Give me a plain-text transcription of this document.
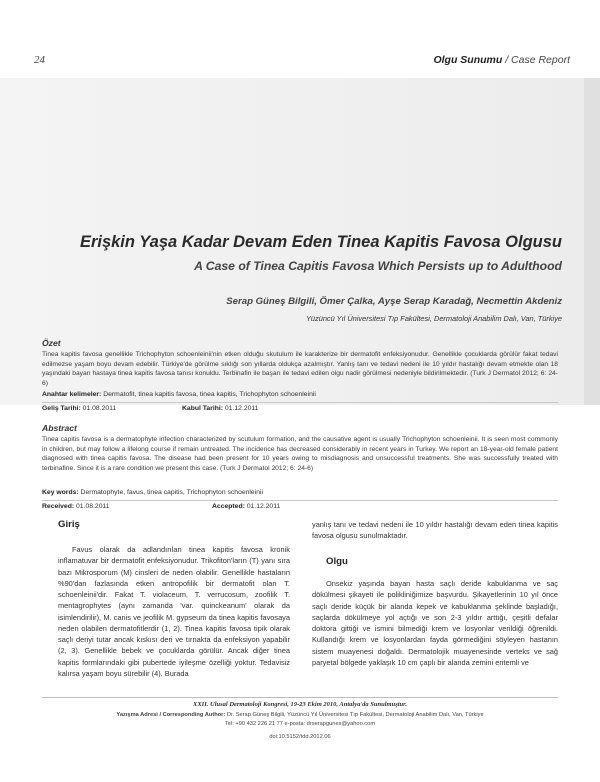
24	Olgu Sunumu / Case Report
Erişkin Yaşa Kadar Devam Eden Tinea Kapitis Favosa Olgusu
A Case of Tinea Capitis Favosa Which Persists up to Adulthood
Serap Güneş Bilgili, Ömer Çalka, Ayşe Serap Karadağ, Necmettin Akdeniz
Yüzüncü Yıl Üniversitesi Tıp Fakültesi, Dermatoloji Anabilim Dalı, Van, Türkiye
Özet
Tinea kapitis favosa genellikle Trichophyton schoenleinii'nin etken olduğu skutulum ile karakterize bir dermatofit enfeksiyonudur. Genellikle çocuklarda görülür fakat tedavi edilmezse yaşam boyu devam edebilir. Türkiye'de görülme sıklığı son yıllarda oldukça azalmıştır. Yanlış tanı ve tedavi nedeni ile 10 yıldır hastalığı devam etmekte olan 18 yaşındaki bayan hastaya tinea kapitis favosa tanısı konuldu. Terbinafin ile başarı ile tedavi edilen olgu nadir görülmesi nedeniyle bildirilmektedir. (Turk J Dermatol 2012; 6: 24-6)
Anahtar kelimeler: Dermatofit, tinea kapitis favosa, tinea kapitis, Trichophyton schoenleinii
Geliş Tarihi: 01.08.2011	Kabul Tarihi: 01.12.2011
Abstract
Tinea capitis favosa is a dermatophyte infection characterized by scutulum formation, and the causative agent is usually Trichophyton schoenleinii. It is seen most commonly in children, but may follow a lifelong course if remain untreated. The incidence has decreased considerably in recent years in Turkey. We report an 18-year-old female patient diagnosed with tinea capitis favosa. The disease had been present for 10 years owing to misdiagnosis and unsuccessful treatments. She was successfully treated with terbinafine. Since it is a rare condition we present this case. (Turk J Dermatol 2012; 6: 24-6)
Key words: Dermatophyte, favus, tinea capitis, Trichophyton schoenleinii
Received: 01.08.2011	Accepted: 01.12.2011
Giriş

Favus olarak da adlandırılan tinea kapitis favosa kronik inflamatuvar bir dermatofit enfeksiyonudur. Trikofiton'ların (T) yanı sıra bazı Mikrosporum (M) cinsleri de neden olabilir. Genellikle hastaların %90'dan fazlasında etken antropofilik bir dermatofit olan T. schoenleinii'dir. Fakat T. violaceum, T. verrucosum, zoofilik T. mentagrophytes (aynı zamanda 'var. quinckeanum' olarak da isimlendirilir), M. canis ve jeofilik M. gypseum da tinea kapitis favosaya neden olabilen dermatofitlerdir (1, 2). Tinea kapitis favosa tipik olarak saçlı deriyi tutar ancak kıskısı deri ve tırnakta da enfeksiyon yapabilir (2, 3). Genellikle bebek ve çocuklarda görülür. Ancak diğer tinea kapitis formlarındaki gibi pubertede iyileşme özelliği yoktur. Tedavisiz kalırsa yaşam boyu sürebilir (4). Burada

yanlış tanı ve tedavi nedeni ile 10 yıldır hastalığı devam eden tinea kapitis favosa olgusu sunulmaktadır.

Olgu

Onsekiz yaşında bayan hasta saçlı deride kabuklanma ve saç dökülmesi şikayeti ile polikliniğimize başvurdu. Şikayetlerinin 10 yıl önce saçlı deride küçük bir alanda kepek ve kabuklanma şeklinde başladığı, saçlarda dökülmeye yol açtığı ve son 2-3 yıldır arttığı, çeşitli defalar doktora gittiği ve ismini bilmediği krem ve losyonlar verildiği öğrenildi. Kullandığı krem ve losyonlardan fayda görmediğini söyleyen hastanın sistem muayenesi doğaldı. Dermatolojik muayenesinde verteks ve sağ paryetal bölgede yaklaşık 10 cm çaplı bir alanda zemini eritemli ve

XXII. Ulusal Dermatoloji Kongresi, 19-23 Ekim 2010, Antalya'da Sunulmuştur.
Yazışma Adresi / Corresponding Author: Dr. Serap Güneş Bilgili, Yüzüncü Yıl Üniversitesi Tıp Fakültesi, Dermatoloji Anabilim Dalı, Van, Türkiye
Tel: +90 432 226 21 77 e-posta: drserapgunes@yahoo.com
doi:10.5152/tdd.2012.06
